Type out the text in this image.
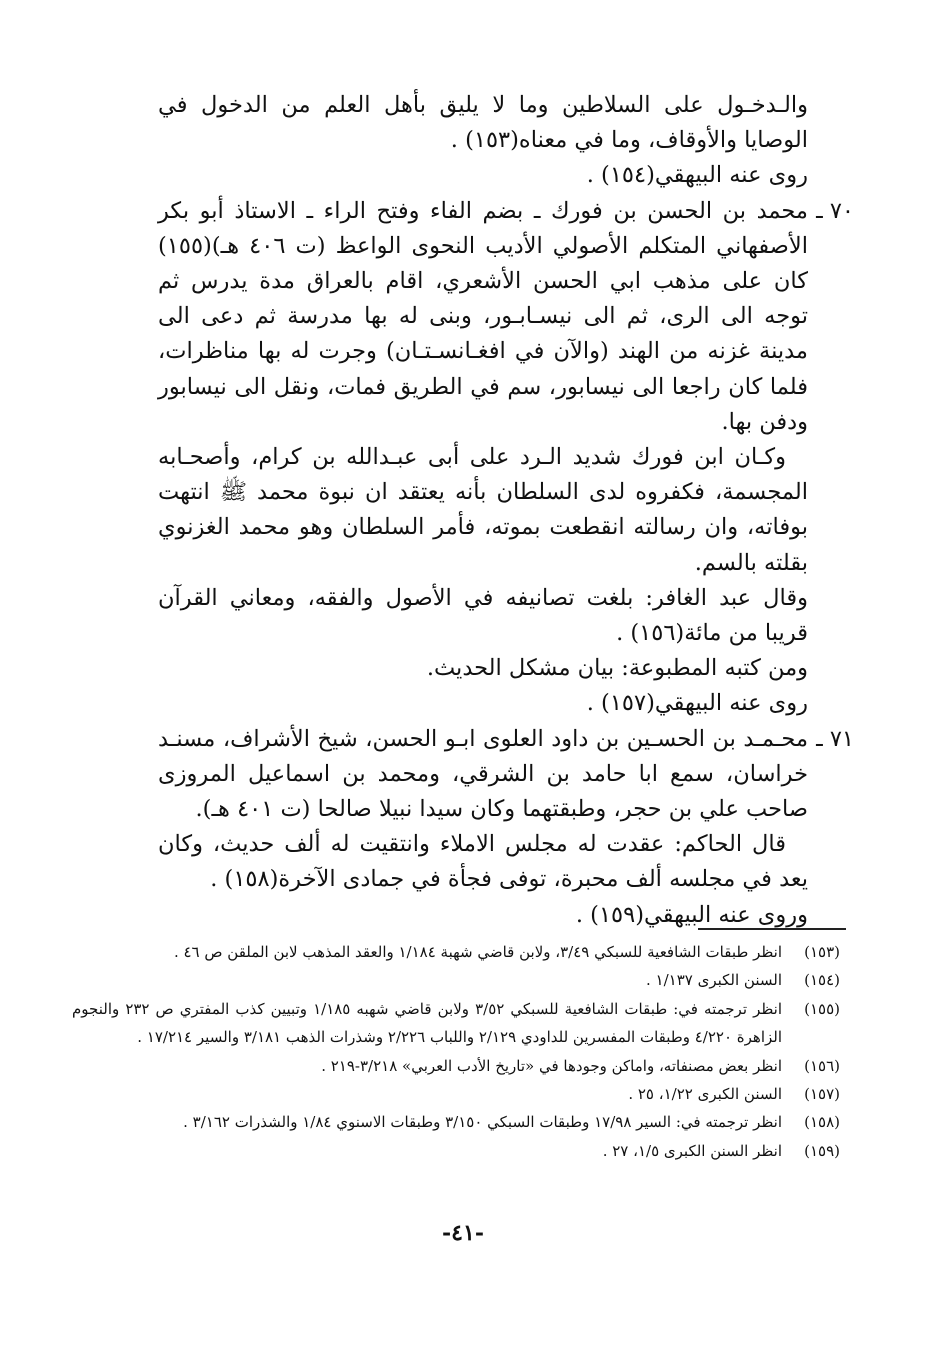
والـدخـول على السلاطين وما لا يليق بأهل العلم من الدخول في الوصايا والأوقاف، وما في معناه(١٥٣) .

روى عنه البيهقي(١٥٤) .

٧٠ ـ

محمد بن الحسن بن فورك ـ بضم الفاء وفتح الراء ـ الاستاذ أبو بكر الأصفهاني المتكلم الأصولي الأديب النحوى الواعظ (ت ٤٠٦ هـ)(١٥٥) كان على مذهب ابي الحسن الأشعري، اقام بالعراق مدة يدرس ثم توجه الى الرى، ثم الى نيسـابـور، وبنى له بها مدرسة ثم دعى الى مدينة غزنه من الهند (والآن في افغـانسـتـان) وجرت له بها مناظرات، فلما كان راجعا الى نيسابور، سم في الطريق فمات، ونقل الى نيسابور ودفن بها.

وكـان ابن فورك شديد الـرد على أبى عبـدالله بن كرام، وأصحـابه المجسمة، فكفروه لدى السلطان بأنه يعتقد ان نبوة محمد ﷺ انتهت بوفاته، وان رسالته انقطعت بموته، فأمر السلطان وهو محمد الغزنوي بقلته بالسم.

وقال عبد الغافر: بلغت تصانيفه في الأصول والفقه، ومعاني القرآن قريبا من مائة(١٥٦) .

ومن كتبه المطبوعة: بيان مشكل الحديث.

روى عنه البيهقي(١٥٧) .

٧١ ـ

محـمـد بن الحسـين بن داود العلوى ابـو الحسن، شيخ الأشراف، مسنـد خراسان، سمع ابا حامد بن الشرقي، ومحمد بن اسماعيل المروزى صاحب علي بن حجر، وطبقتهما وكان سيدا نبيلا صالحا (ت ٤٠١ هـ).

قال الحاكم: عقدت له مجلس الاملاء وانتقيت له ألف حديث، وكان يعد في مجلسه ألف محبرة، توفى فجأة في جمادى الآخرة(١٥٨) .

وروى عنه البيهقي(١٥٩) .

(١٥٣)
انظر طبقات الشافعية للسبكي ٣/٤٩، ولابن قاضي شهبة ١/١٨٤ والعقد المذهب لابن الملقن ص ٤٦ .
(١٥٤)
السنن الكبرى ١/١٣٧ .
(١٥٥)
انظر ترجمته في: طبقات الشافعية للسبكي ٣/٥٢ ولابن قاضي شهبه ١/١٨٥ وتبيين كذب المفتري ص ٢٣٢ والنجوم الزاهرة ٤/٢٢٠ وطبقات المفسرين للداودي ٢/١٢٩ واللباب ٢/٢٢٦ وشذرات الذهب ٣/١٨١ والسير ١٧/٢١٤ .
(١٥٦)
انظر بعض مصنفاته، واماكن وجودها في «تاريخ الأدب العربي» ٣/٢١٨-٢١٩ .
(١٥٧)
السنن الكبرى ١/٢٢، ٢٥ .
(١٥٨)
انظر ترجمته في: السير ١٧/٩٨ وطبقات السبكي ٣/١٥٠ وطبقات الاسنوي ١/٨٤ والشذرات ٣/١٦٢ .
(١٥٩)
انظر السنن الكبرى ١/٥، ٢٧ .
-٤١-
